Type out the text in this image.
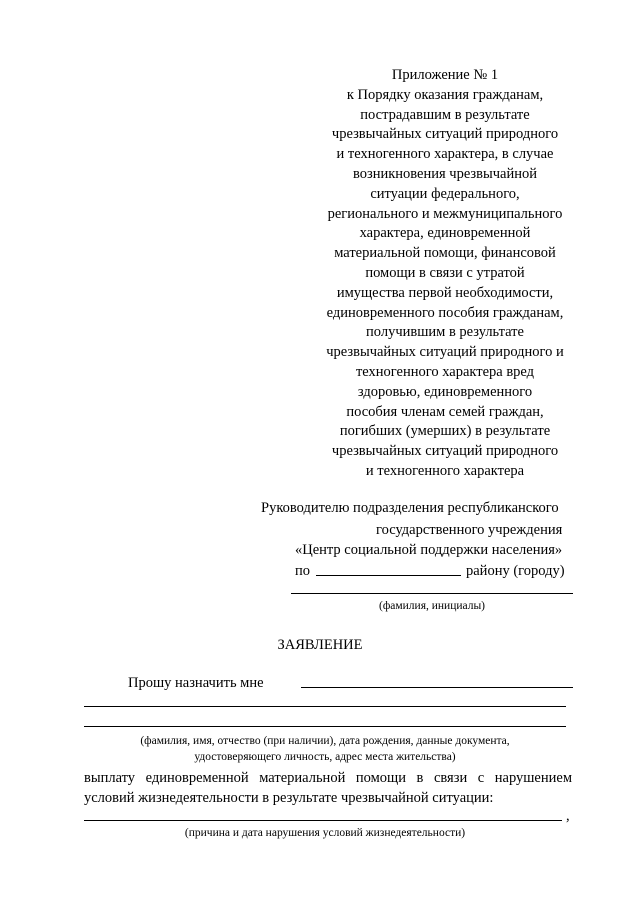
Приложение № 1
к Порядку оказания гражданам,
пострадавшим в результате
чрезвычайных ситуаций природного
и техногенного характера, в случае
возникновения чрезвычайной
ситуации федерального,
регионального и межмуниципального
характера, единовременной
материальной помощи, финансовой
помощи в связи с утратой
имущества первой необходимости,
единовременного пособия гражданам,
получившим в результате
чрезвычайных ситуаций природного и
техногенного характера вред
здоровью, единовременного
пособия членам семей граждан,
погибших (умерших) в результате
чрезвычайных ситуаций природного
и техногенного характера
Руководителю подразделения республиканского
государственного учреждения
«Центр социальной поддержки населения»
по	району (городу)
(фамилия, инициалы)
ЗАЯВЛЕНИЕ
Прошу назначить мне
(фамилия, имя, отчество (при наличии), дата рождения, данные документа,
удостоверяющего личность, адрес места жительства)
выплату единовременной материальной помощи в связи с нарушением
условий жизнедеятельности в результате чрезвычайной ситуации:
,
(причина и дата нарушения условий жизнедеятельности)
